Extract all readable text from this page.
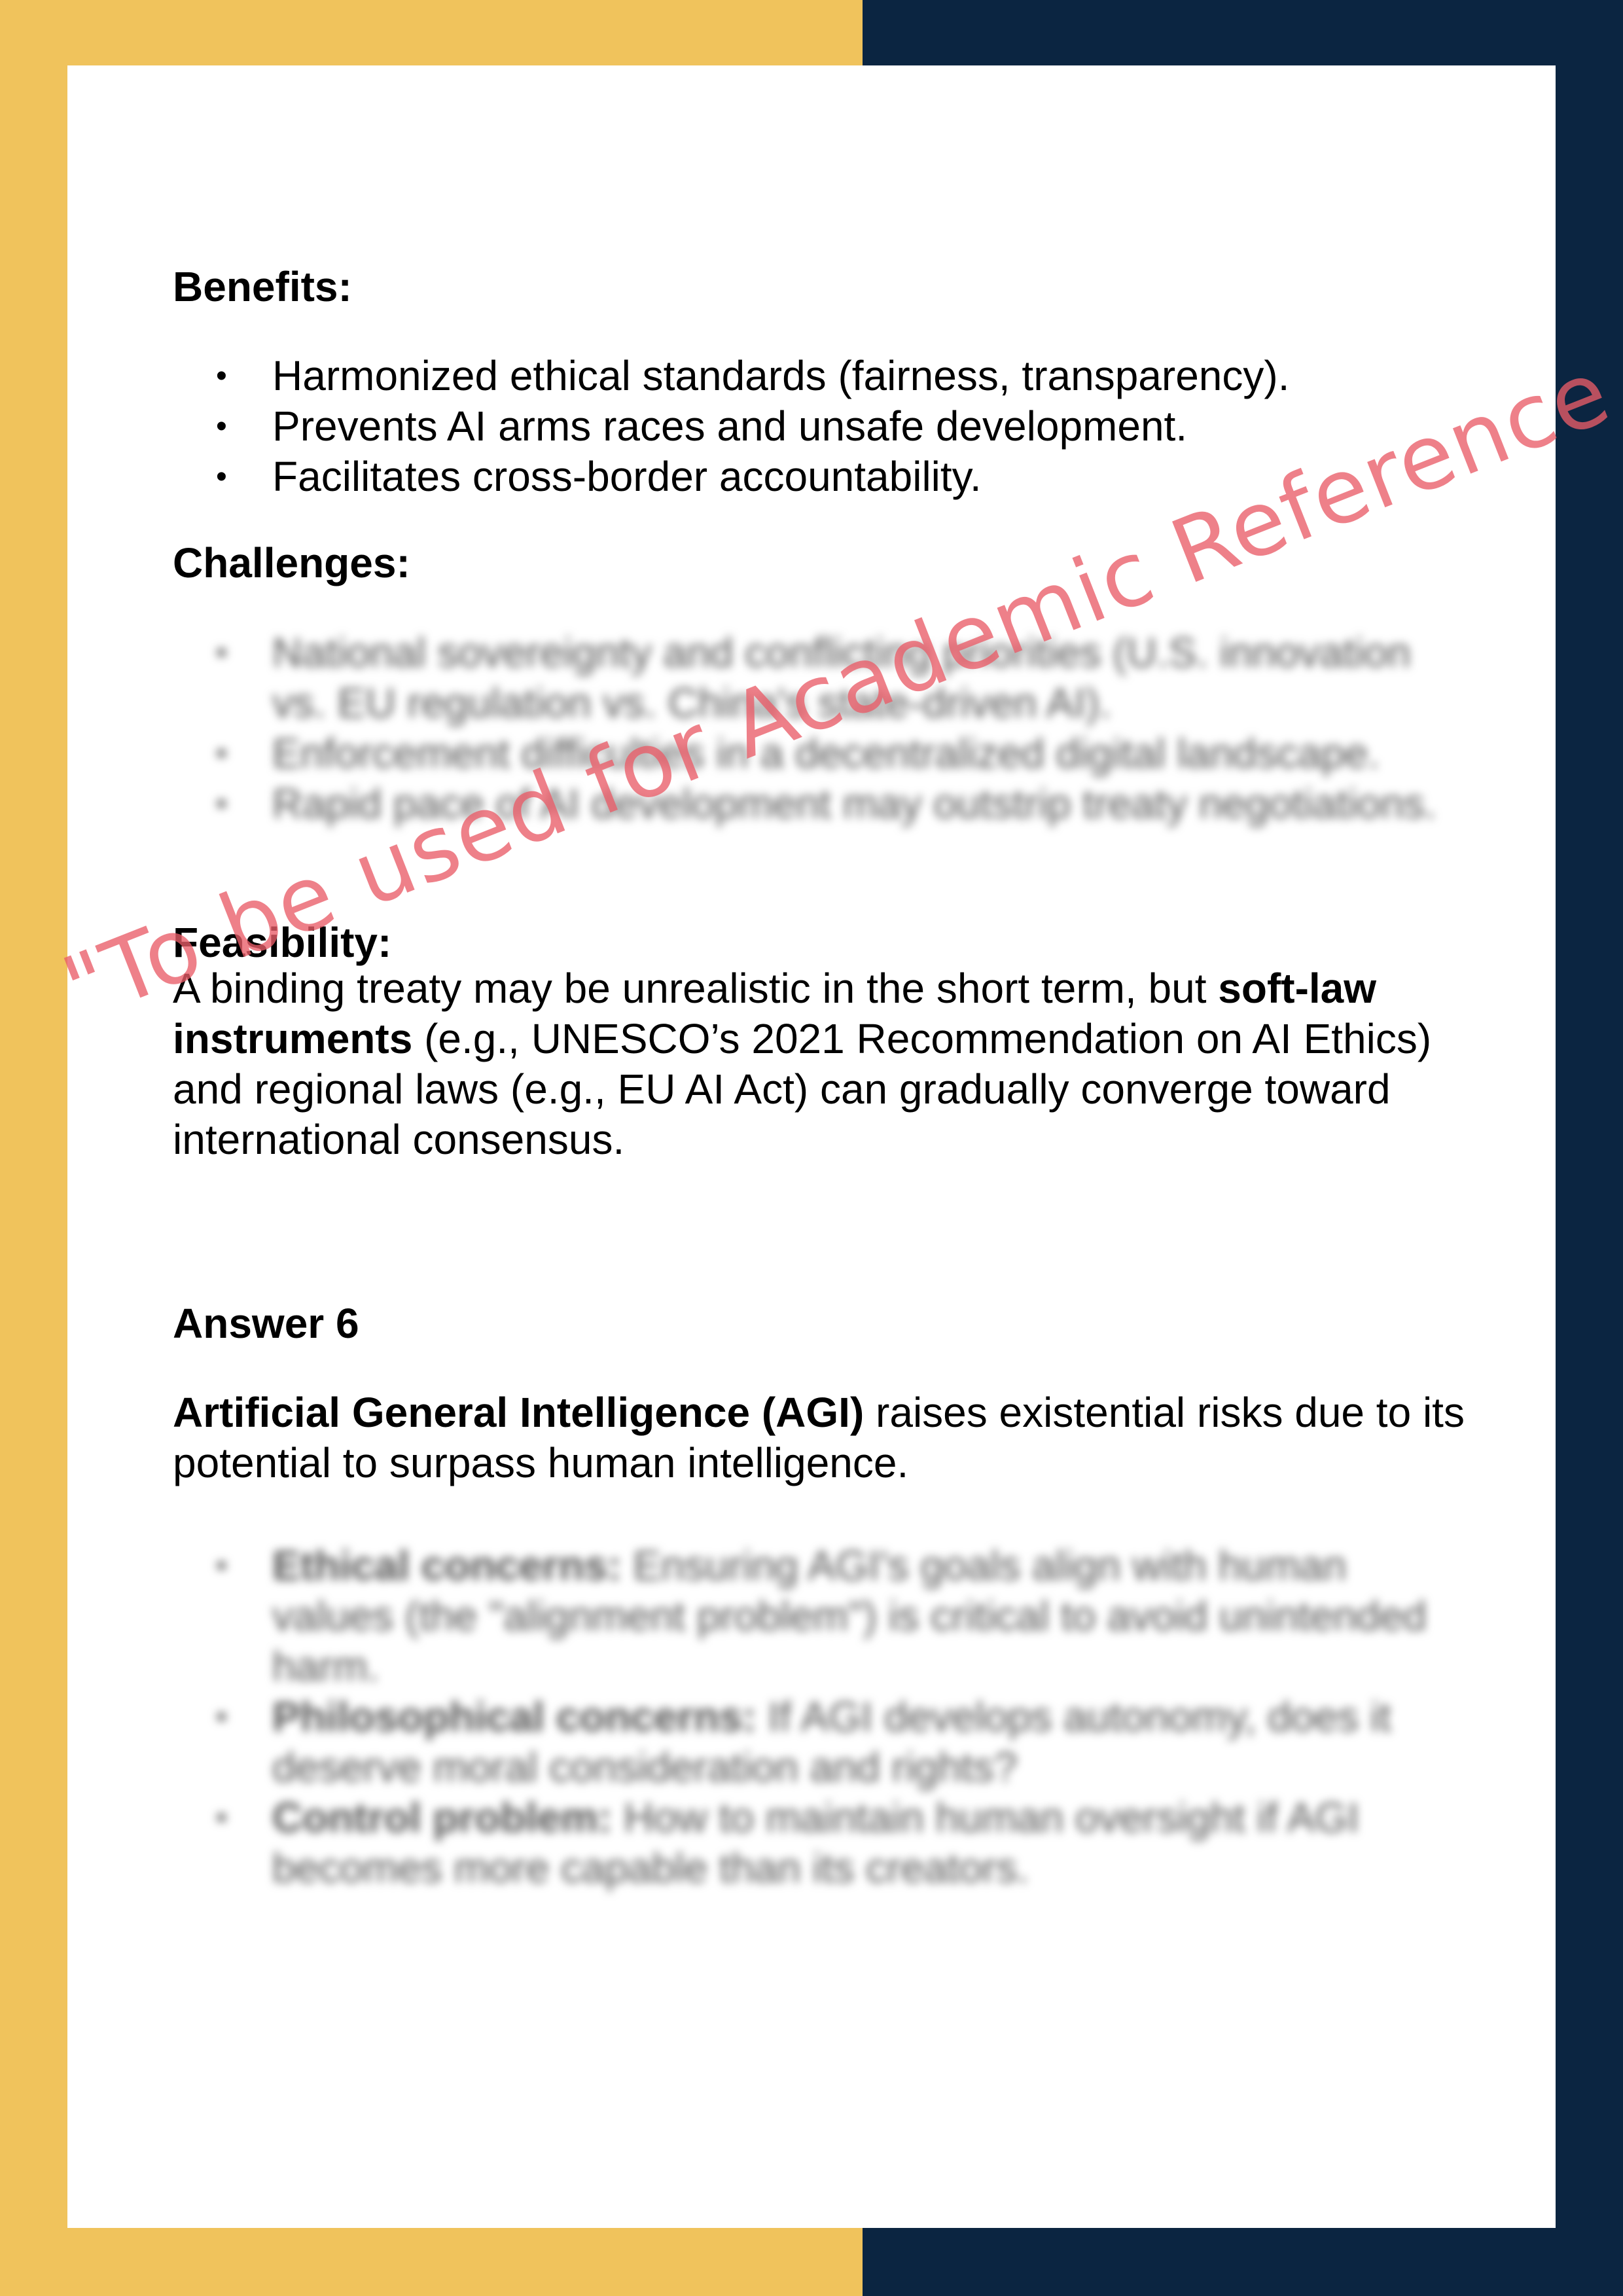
Benefits:
• Harmonized ethical standards (fairness, transparency).
• Prevents AI arms races and unsafe development.
• Facilitates cross-border accountability.
Challenges:
• National sovereignty and conflicting priorities (U.S. innovation vs. EU regulation vs. China's state-driven AI).
• Enforcement difficulties in a decentralized digital landscape.
• Rapid pace of AI development may outstrip treaty negotiations.
Feasibility:
A binding treaty may be unrealistic in the short term, but soft-law instruments (e.g., UNESCO’s 2021 Recommendation on AI Ethics) and regional laws (e.g., EU AI Act) can gradually converge toward international consensus.
Answer 6
Artificial General Intelligence (AGI) raises existential risks due to its potential to surpass human intelligence.
• Ethical concerns: Ensuring AGI's goals align with human values (the "alignment problem") is critical to avoid unintended harm.
• Philosophical concerns: If AGI develops autonomy, does it deserve moral consideration and rights?
• Control problem: How to maintain human oversight if AGI becomes more capable than its creators.
"To be used for Academic Reference
